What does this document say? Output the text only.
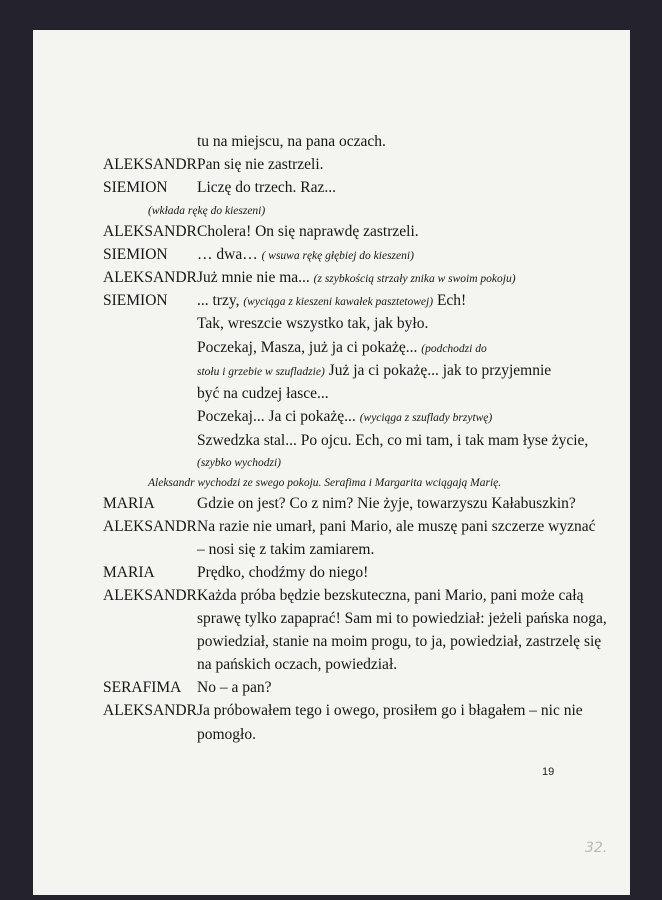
tu na miejscu, na pana oczach.
ALEKSANDR Pan się nie zastrzeli.
SIEMION Liczę do trzech. Raz...
(wkłada rękę do kieszeni)
ALEKSANDR Cholera! On się naprawdę zastrzeli.
SIEMION … dwa… ( wsuwa rękę głębiej do kieszeni)
ALEKSANDR Już mnie nie ma... (z szybkością strzały znika w swoim pokoju)
SIEMION ... trzy, (wyciąga z kieszeni kawałek pasztetowej) Ech!
Tak, wreszcie wszystko tak, jak było.
Poczekaj, Masza, już ja ci pokażę... (podchodzi do
stołu i grzebie w szufladzie) Już ja ci pokażę... jak to przyjemnie
być na cudzej łasce...
Poczekaj... Ja ci pokażę... (wyciąga z szuflady brzytwę)
Szwedzka stal... Po ojcu. Ech, co mi tam, i tak mam łyse życie,
(szybko wychodzi)
Aleksandr wychodzi ze swego pokoju. Serafima i Margarita wciągają Marię.
MARIA	Gdzie on jest? Co z nim? Nie żyje, towarzyszu Kałabuszkin?
ALEKSANDR Na razie nie umarł, pani Mario, ale muszę pani szczerze wyznać
– nosi się z takim zamiarem.
MARIA	Prędko, chodźmy do niego!
ALEKSANDR Każda próba będzie bezskuteczna, pani Mario, pani może całą
sprawę tylko zapaprać! Sam mi to powiedział: jeżeli pańska noga,
powiedział, stanie na moim progu, to ja, powiedział, zastrzelę się
na pańskich oczach, powiedział.
SERAFIMA No – a pan?
ALEKSANDR Ja próbowałem tego i owego, prosiłem go i błagałem – nic nie
pomogło.
19
32.
